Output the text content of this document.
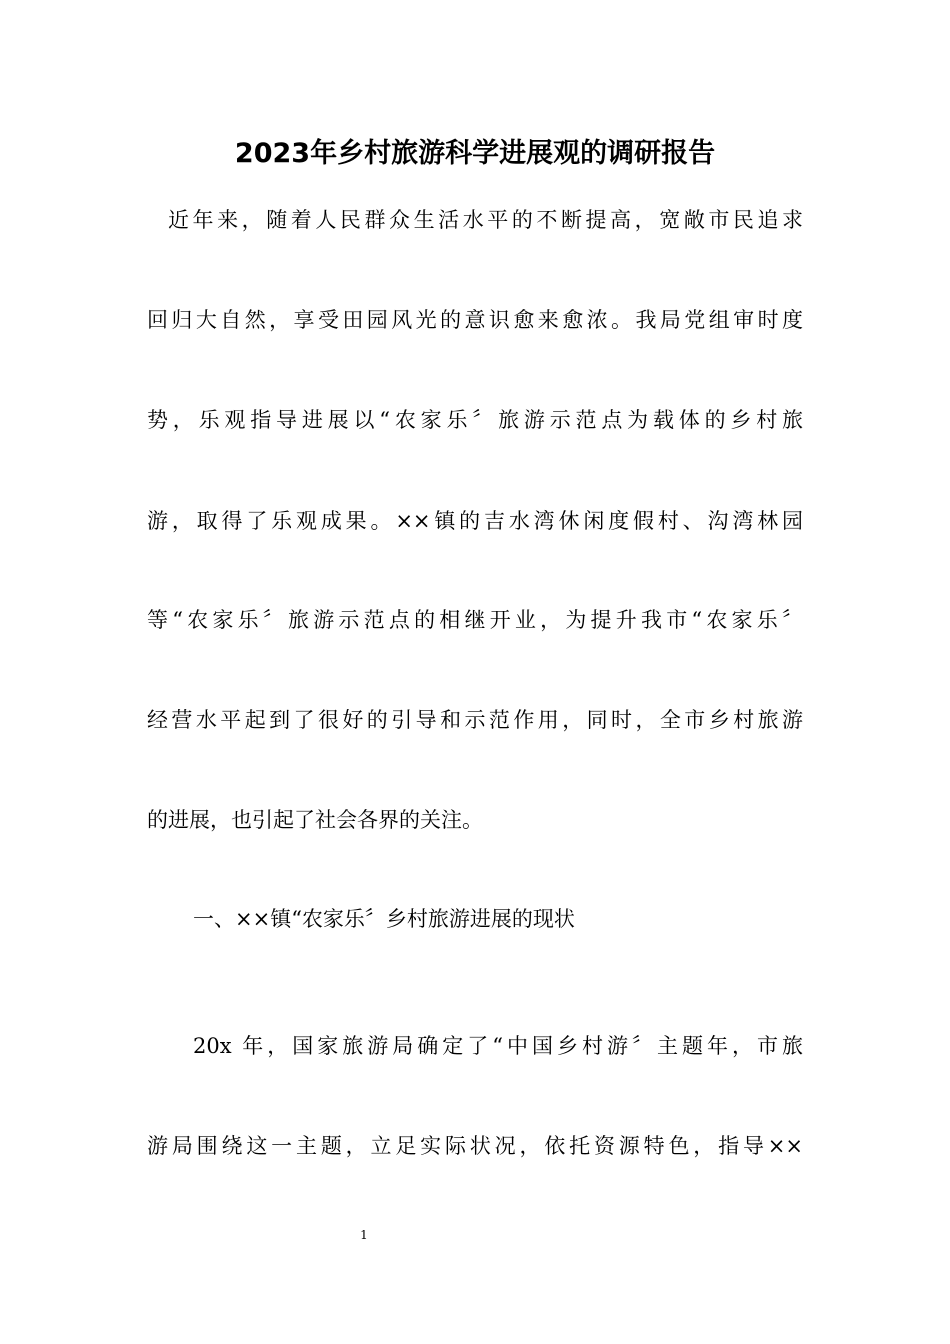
2023年乡村旅游科学进展观的调研报告
近年来，随着人民群众生活水平的不断提高，宽敞市民追求
回归大自然，享受田园风光的意识愈来愈浓。我局党组审时度
势，乐观指导进展以“农家乐〞旅游示范点为载体的乡村旅
游，取得了乐观成果。××镇的吉水湾休闲度假村、沟湾林园
等“农家乐〞旅游示范点的相继开业，为提升我市“农家乐〞
经营水平起到了很好的引导和示范作用，同时，全市乡村旅游
的进展，也引起了社会各界的关注。
一、××镇“农家乐〞乡村旅游进展的现状
20x 年，国家旅游局确定了“中国乡村游〞主题年，市旅
游局围绕这一主题，立足实际状况，依托资源特色，指导××
1
